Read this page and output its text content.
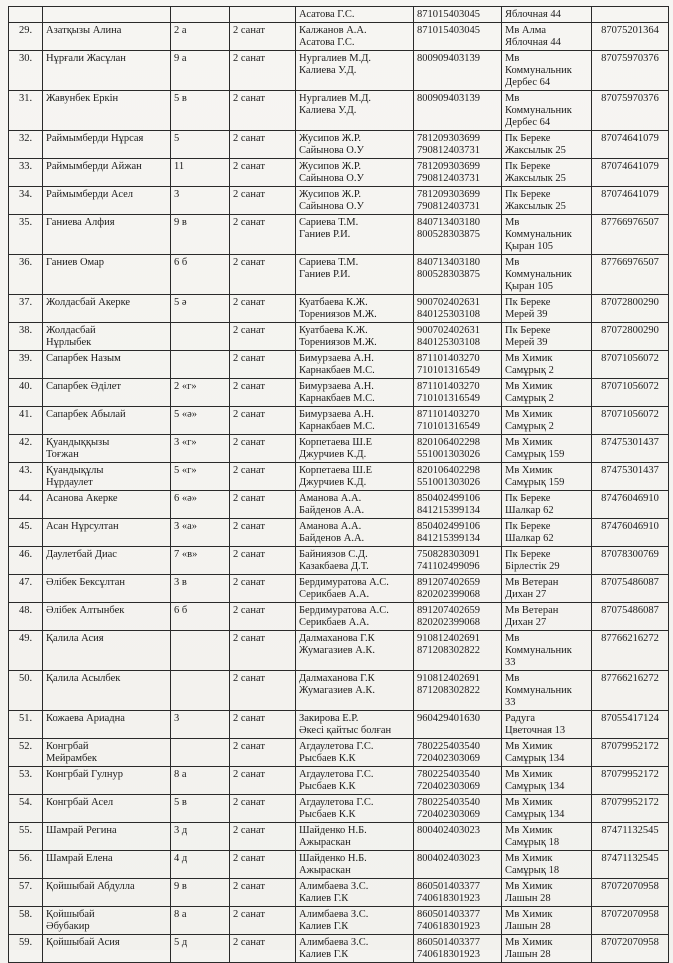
				Асатова Г.С.	871015403045	Яблочная 44	

29.	Азатқызы Алина	2 а	2 санат	Калжанов А.А.
Асатова Г.С.	871015403045	Мв Алма
Яблочная 44	87075201364
30.	Нұрғали Жасұлан	9 а	2 санат	Нургалиев М.Д.
Калиева У.Д.	800909403139	Мв
Коммунальник
Дербес 64	87075970376
31.	Жавунбек Еркін	5 в	2 санат	Нургалиев М.Д.
Калиева У.Д.	800909403139	Мв
Коммунальник
Дербес 64	87075970376
32.	Раймымберди Нұрсая	5	2 санат	Жусипов Ж.Р.
Сайынова О.У	781209303699
790812403731	Пк Береке
Жаксылык 25	87074641079
33.	Раймымберди Айжан	11	2 санат	Жусипов Ж.Р.
Сайынова О.У	781209303699
790812403731	Пк Береке
Жаксылык 25	87074641079
34.	Раймымберди Асел	3	2 санат	Жусипов Ж.Р.
Сайынова О.У	781209303699
790812403731	Пк Береке
Жаксылык 25	87074641079
35.	Ганиева Алфия	9 в	2 санат	Сариева Т.М.
Ганиев Р.И.	840713403180
800528303875	Мв
Коммунальник
Қыран 105	87766976507
36.	Ганиев Омар	6 б	2 санат	Сариева Т.М.
Ганиев Р.И.	840713403180
800528303875	Мв
Коммунальник
Қыран 105	87766976507
37.	Жолдасбай Акерке	5 ә	2 санат	Куатбаева К.Ж.
Торениязов М.Ж.	900702402631
840125303108	Пк Береке
Мерей 39	87072800290
38.	Жолдасбай
Нұрлыбек		2 санат	Куатбаева К.Ж.
Торениязов М.Ж.	900702402631
840125303108	Пк Береке
Мерей 39	87072800290
39.	Сапарбек Назым		2 санат	Бимурзаева А.Н.
Карнакбаев М.С.	871101403270
710101316549	Мв Химик
Самұрық 2	87071056072
40.	Сапарбек Әділет	2 «г»	2 санат	Бимурзаева А.Н.
Карнакбаев М.С.	871101403270
710101316549	Мв Химик
Самұрық 2	87071056072
41.	Сапарбек Абылай	5 «ә»	2 санат	Бимурзаева А.Н.
Карнакбаев М.С.	871101403270
710101316549	Мв Химик
Самұрық 2	87071056072
42.	Қуандыққызы
Тоғжан	3 «г»	2 санат	Корпетаева Ш.Е
Джурчиев К.Д.	820106402298
551001303026	Мв Химик
Самұрық 159	87475301437
43.	Қуандықұлы
Нұрдаулет	5 «г»	2 санат	Корпетаева Ш.Е
Джурчиев К.Д.	820106402298
551001303026	Мв Химик
Самұрық 159	87475301437
44.	Асанова Акерке	6 «ә»	2 санат	Аманова А.А.
Байденов А.А.	850402499106
841215399134	Пк Береке
Шалкар 62	87476046910
45.	Асан Нұрсултан	3 «а»	2 санат	Аманова А.А.
Байденов А.А.	850402499106
841215399134	Пк Береке
Шалкар 62	87476046910
46.	Даулетбай Диас	7 «в»	2 санат	Байниязов С.Д.
Казакбаева Д.Т.	750828303091
741102499096	Пк Береке
Бірлестік 29	87078300769
47.	Әлібек Бексұлтан	3 в	2 санат	Бердимуратова А.С.
Серикбаев А.А.	891207402659
820202399068	Мв Ветеран
Дихан 27	87075486087
48.	Әлібек Алтынбек	6 б	2 санат	Бердимуратова А.С.
Серикбаев А.А.	891207402659
820202399068	Мв Ветеран
Дихан 27	87075486087
49.	Қалила Асия		2 санат	Далмаханова Г.К
Жумагазиев А.К.	910812402691
871208302822	Мв
Коммунальник
33	87766216272
50.	Қалила Асылбек		2 санат	Далмаханова Г.К
Жумагазиев А.К.	910812402691
871208302822	Мв
Коммунальник
33	87766216272
51.	Кожаева Ариадна	3	2 санат	Закирова Е.Р.
Әкесі қайтыс болған	960429401630	Радуга
Цветочная 13	87055417124
52.	Конгрбай
Мейрамбек		2 санат	Агдаулетова Г.С.
Рысбаев К.К	780225403540
720402303069	Мв Химик
Самұрық 134	87079952172
53.	Конгрбай Гулнур	8 а	2 санат	Агдаулетова Г.С.
Рысбаев К.К	780225403540
720402303069	Мв Химик
Самұрық 134	87079952172
54.	Конгрбай Асел	5 в	2 санат	Агдаулетова Г.С.
Рысбаев К.К	780225403540
720402303069	Мв Химик
Самұрық 134	87079952172
55.	Шамрай Регина	3 д	2 санат	Шайденко Н.Б.
Ажыраскан	800402403023	Мв Химик
Самұрық 18	87471132545
56.	Шамрай Елена	4 д	2 санат	Шайденко Н.Б.
Ажыраскан	800402403023	Мв Химик
Самұрық 18	87471132545
57.	Қойшыбай Абдулла	9 в	2 санат	Алимбаева З.С.
Калиев Г.К	860501403377
740618301923	Мв Химик
Лашын 28	87072070958
58.	Қойшыбай
Әбубакир	8 а	2 санат	Алимбаева З.С.
Калиев Г.К	860501403377
740618301923	Мв Химик
Лашын 28	87072070958
59.	Қойшыбай Асия	5 д	2 санат	Алимбаева З.С.
Калиев Г.К	860501403377
740618301923	Мв Химик
Лашын 28	87072070958
